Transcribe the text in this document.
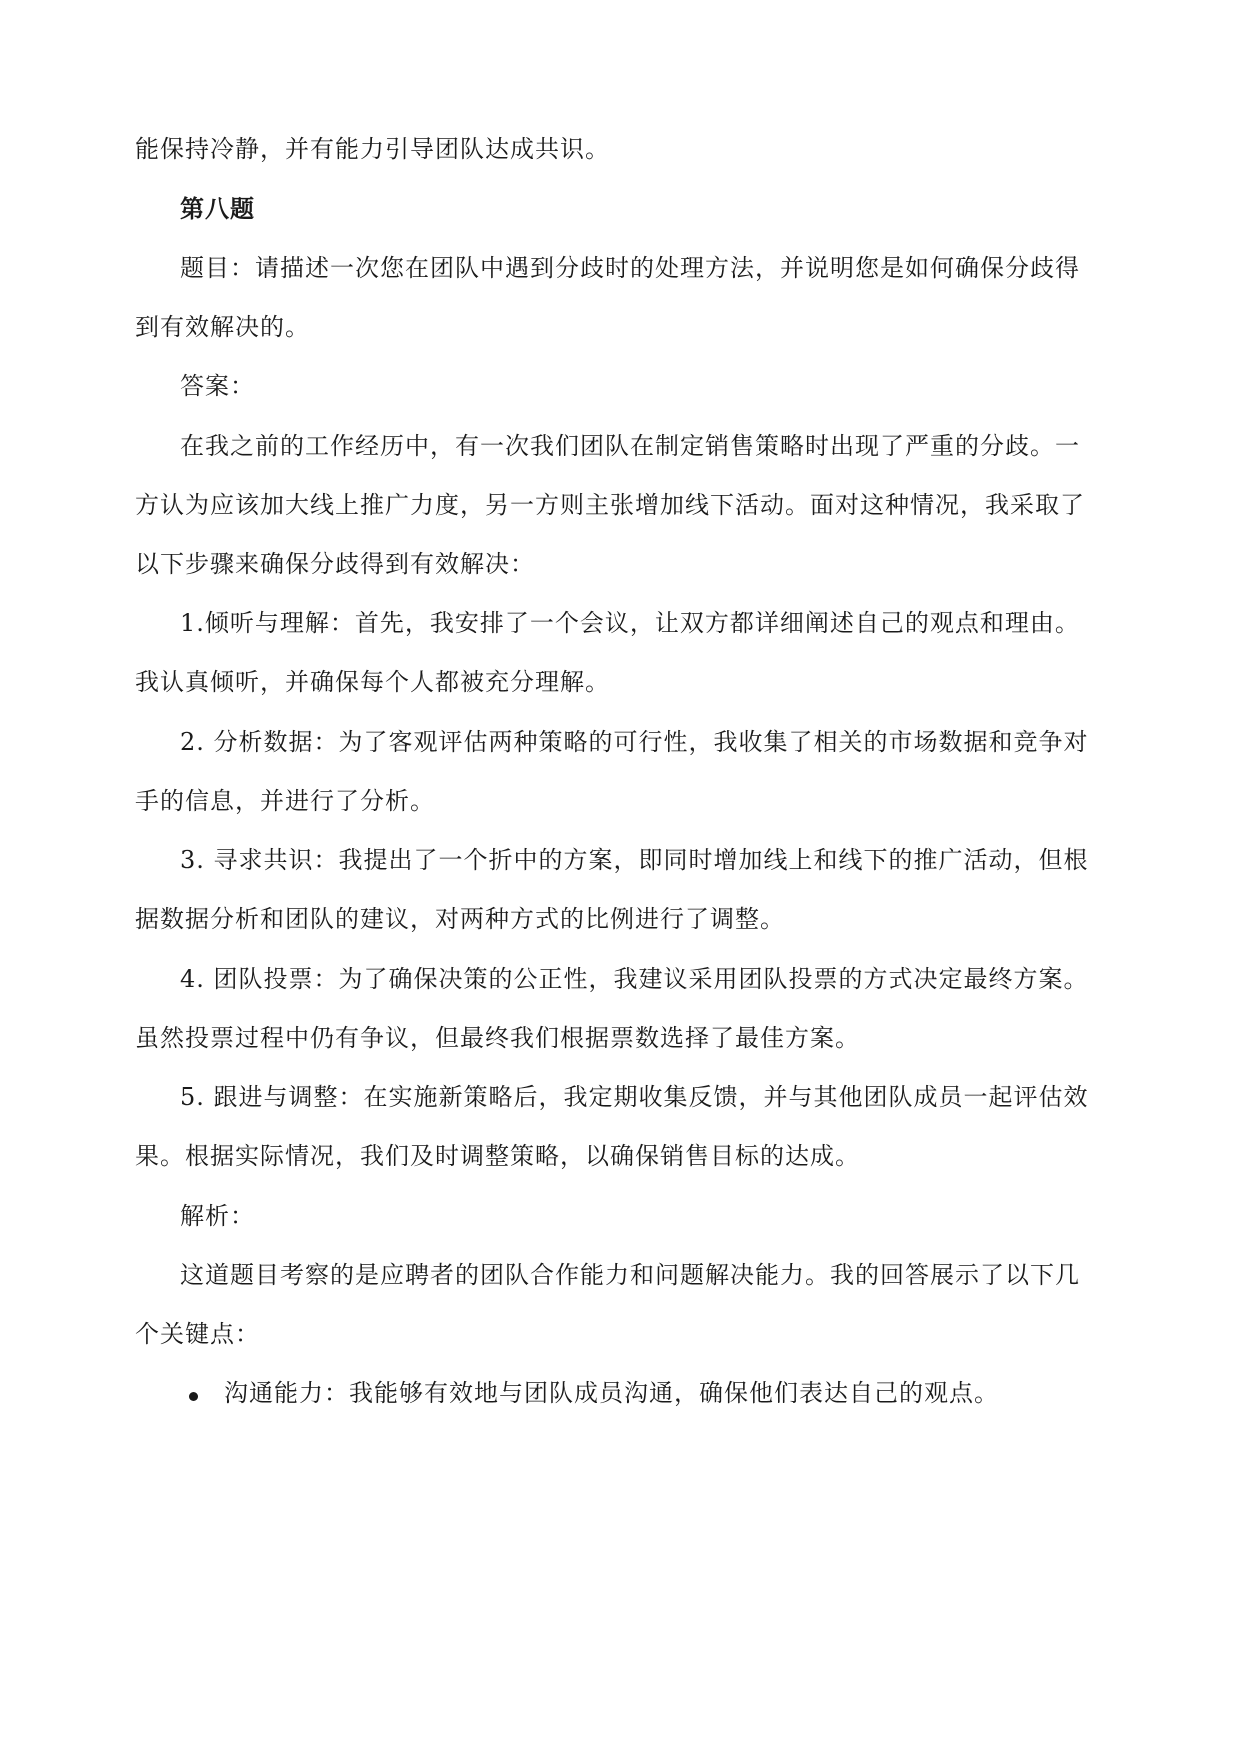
能保持冷静，并有能力引导团队达成共识。
第八题
题目：请描述一次您在团队中遇到分歧时的处理方法，并说明您是如何确保分歧得
到有效解决的。
答案：
在我之前的工作经历中，有一次我们团队在制定销售策略时出现了严重的分歧。一
方认为应该加大线上推广力度，另一方则主张增加线下活动。面对这种情况，我采取了
以下步骤来确保分歧得到有效解决：
1.倾听与理解：首先，我安排了一个会议，让双方都详细阐述自己的观点和理由。
我认真倾听，并确保每个人都被充分理解。
2. 分析数据：为了客观评估两种策略的可行性，我收集了相关的市场数据和竞争对
手的信息，并进行了分析。
3. 寻求共识：我提出了一个折中的方案，即同时增加线上和线下的推广活动，但根
据数据分析和团队的建议，对两种方式的比例进行了调整。
4. 团队投票：为了确保决策的公正性，我建议采用团队投票的方式决定最终方案。
虽然投票过程中仍有争议，但最终我们根据票数选择了最佳方案。
5. 跟进与调整：在实施新策略后，我定期收集反馈，并与其他团队成员一起评估效
果。根据实际情况，我们及时调整策略，以确保销售目标的达成。
解析：
这道题目考察的是应聘者的团队合作能力和问题解决能力。我的回答展示了以下几
个关键点：
沟通能力：我能够有效地与团队成员沟通，确保他们表达自己的观点。
